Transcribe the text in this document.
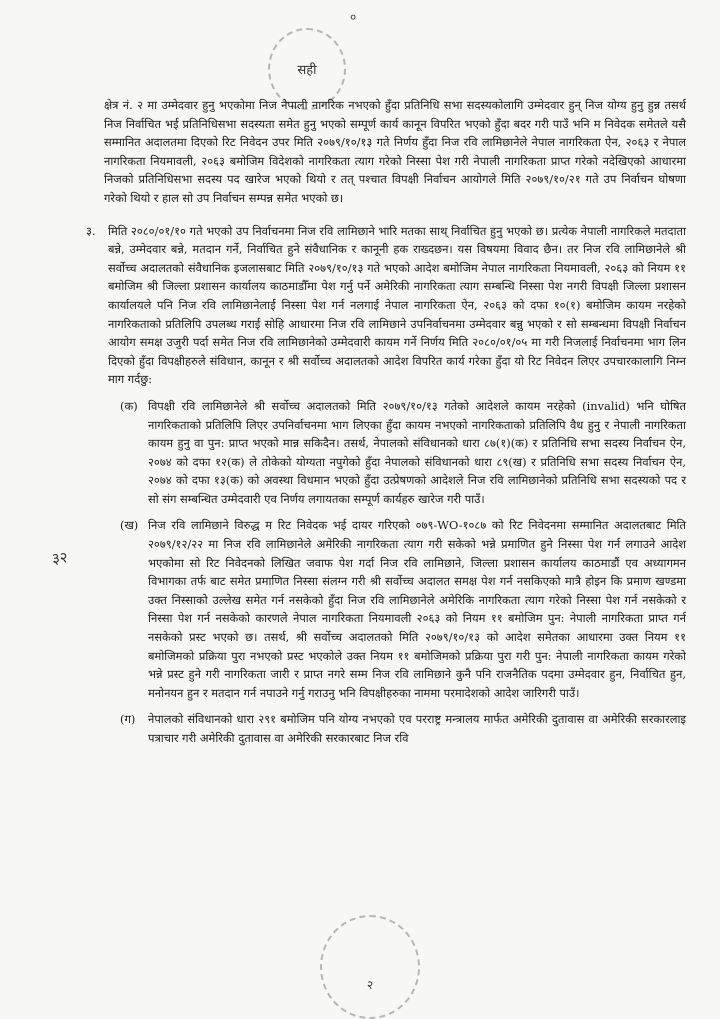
०
सही
३२

क्षेत्र नं. २ मा उम्मेदवार हुनु भएकोमा निज नेपाली नागरिक नभएको हुँदा प्रतिनिधि सभा सदस्यकोलागि उम्मेदवार हुन् निज योग्य हुनु हुन्न तसर्थ निज निर्वाचित भई प्रतिनिधिसभा सदस्यता समेत हुनु भएको सम्पूर्ण कार्य कानून विपरित भएको हुँदा बदर गरी पाउँ भनि म निवेदक समेतले यसै सम्मानित अदालतमा दिएको रिट निवेदन उपर मिति २०७९/१०/१३ गते निर्णय हुँदा निज रवि लामिछानेले नेपाल नागरिकता ऐन, २०६३ र नेपाल नागरिकता नियमावली, २०६३ बमोजिम विदेशको नागरिकता त्याग गरेको निस्सा पेश गरी नेपाली नागरिकता प्राप्त गरेको नदेखिएको आधारमा निजको प्रतिनिधिसभा सदस्य पद खारेज भएको थियो र तत् पश्चात विपक्षी निर्वाचन आयोगले मिति २०७९/१०/२१ गते उप निर्वाचन घोषणा गरेको थियो र हाल सो उप निर्वाचन सम्पन्न समेत भएको छ।

३.	मिति २०८०/०१/१० गते भएको उप निर्वाचनमा निज रवि लामिछाने भारि मतका साथ् निर्वाचित हुनु भएको छ। प्रत्येक नेपाली नागरिकले मतदाता बन्ने, उम्मेदवार बन्ने, मतदान गर्ने, निर्वाचित हुने संवैधानिक र कानूनी हक राख्दछन। यस विषयमा विवाद छैन। तर निज रवि लामिछानेले श्री सर्वोच्च अदालतको संवैधानिक इजलासबाट मिति २०७९/१०/१३ गते भएको आदेश बमोजिम नेपाल नागरिकता नियमावली, २०६३ को नियम ११ बमोजिम श्री जिल्ला प्रशासन कार्यालय काठमाडौँमा पेश गर्नु पर्ने अमेरिकी नागरिकता त्याग सम्बन्धि निस्सा पेश नगरी विपक्षी जिल्ला प्रशासन कार्यालयले पनि निज रवि लामिछानेलाई निस्सा पेश गर्न नलगाई नेपाल नागरिकता ऐन, २०६३ को दफा १०(१) बमोजिम कायम नरहेको नागरिकताको प्रतिलिपि उपलब्ध गराई सोहि आधारमा निज रवि लामिछाने उपनिर्वाचनमा उम्मेदवार बन्नु भएको र सो सम्बन्धमा विपक्षी निर्वाचन आयोग समक्ष उजुरी पर्दा समेत निज रवि लामिछानेको उम्मेदवारी कायम गर्ने निर्णय मिति २०८०/०१/०५ मा गरी निजलाई निर्वाचनमा भाग लिन दिएको हुँदा विपक्षीहरुले संविधान, कानून र श्री सर्वोच्च अदालतको आदेश विपरित कार्य गरेका हुँदा यो रिट निवेदन लिएर उपचारकालागि निम्न माग गर्दछु:
(क) विपक्षी रवि लामिछानेले श्री सर्वोच्च अदालतको मिति २०७९/१०/१३ गतेको आदेशले कायम नरहेको (invalid) भनि घोषित नागरिकताको प्रतिलिपि लिएर उपनिर्वाचनमा भाग लिएका हुँदा कायम नभएको नागरिकताको प्रतिलिपि वैध हुनु र नेपाली नागरिकता कायम हुनु वा पुन: प्राप्त भएको मान्न सकिदैन। तसर्थ, नेपालको संविधानको धारा ८७(१)(क) र प्रतिनिधि सभा सदस्य निर्वाचन ऐन, २०७४ को दफा १२(क) ले तोकेको योग्यता नपुगेको हुँदा नेपालको संविधानको धारा ८९(ख) र प्रतिनिधि सभा सदस्य निर्वाचन ऐन, २०७४ को दफा १३(क) को अवस्था विधमान भएको हुँदा उत्प्रेषणको आदेशले निज रवि लामिछानेको प्रतिनिधि सभा सदस्यको पद र सो संग सम्बन्धित उम्मेदवारी एव निर्णय लगायतका सम्पूर्ण कार्यहरु खारेज गरी पाउँ।
(ख) निज रवि लामिछाने विरुद्ध म रिट निवेदक भई दायर गरिएको ०७९-WO-१०८७ को रिट निवेदनमा सम्मानित अदालतबाट मिति २०७९/१२/२२ मा निज रवि लामिछानेले अमेरिकी नागरिकता त्याग गरी सकेको भन्ने प्रमाणित हुने निस्सा पेश गर्न लगाउने आदेश भएकोमा सो रिट निवेदनको लिखित जवाफ पेश गर्दा निज रवि लामिछाने, जिल्ला प्रशासन कार्यालय काठमाडौं एव अध्यागमन विभागका तर्फ बाट समेत प्रमाणित निस्सा संलग्न गरी श्री सर्वोच्च अदालत समक्ष पेश गर्न नसकिएको मात्रै होइन कि प्रमाण खण्डमा उक्त निस्साको उल्लेख समेत गर्न नसकेको हुँदा निज रवि लामिछानेले अमेरिकि नागरिकता त्याग गरेको निस्सा पेश गर्न नसकेको र निस्सा पेश गर्न नसकेको कारणले नेपाल नागरिकता नियमावली २०६३ को नियम ११ बमोजिम पुन: नेपाली नागरिकता प्राप्त गर्न नसकेको प्रस्ट भएको छ। तसर्थ, श्री सर्वोच्च अदालतको मिति २०७९/१०/१३ को आदेश समेतका आधारमा उक्त नियम ११ बमोजिमको प्रक्रिया पुरा नभएको प्रस्ट भएकोले उक्त नियम ११ बमोजिमको प्रक्रिया पुरा गरी पुन: नेपाली नागरिकता कायम गरेको भन्ने प्रस्ट हुने गरी नागरिकता जारी र प्राप्त नगरे सम्म निज रवि लामिछाने कुनै पनि राजनैतिक पदमा उम्मेदवार हुन, निर्वाचित हुन, मनोनयन हुन र मतदान गर्न नपाउने गर्नु गराउनु भनि विपक्षीहरुका नाममा परमादेशको आदेश जारिगरी पाउँ।
(ग)	नेपालको संविधानको धारा २९१ बमोजिम पनि योग्य नभएको एव परराष्ट्र मन्त्रालय मार्फत अमेरिकी दुतावास वा अमेरिकी सरकारलाइ पत्राचार गरी अमेरिकी दुतावास वा अमेरिकी सरकारबाट निज रवि
२
